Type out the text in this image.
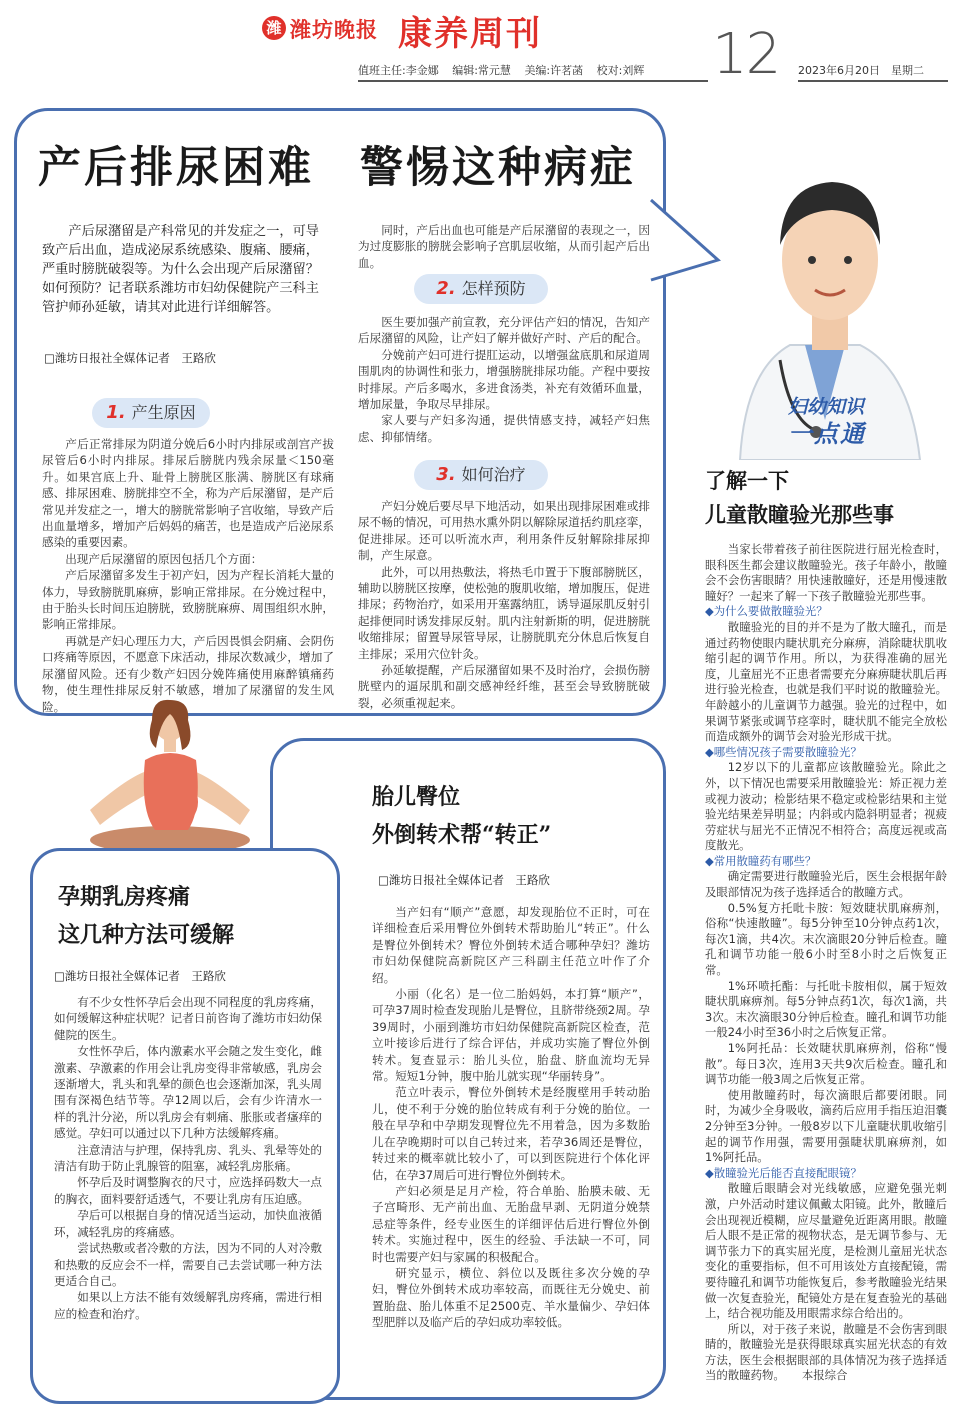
潍 潍坊晚报 康养周刊
值班主任:李金娜 编辑:常元慧 美编:许茗菡 校对:刘辉 12 2023年6月20日　星期二
产后排尿困难　警惕这种病症

产后尿潴留是产科常见的并发症之一，可导致产后出血，造成泌尿系统感染、腹痛、腰痛，严重时膀胱破裂等。为什么会出现产后尿潴留？如何预防？记者联系潍坊市妇幼保健院产三科主管护师孙延敏，请其对此进行详细解答。

□潍坊日报社全媒体记者　王路欣
1. 产生原因

产后正常排尿为阴道分娩后6小时内排尿或剖宫产拔尿管后6小时内排尿。排尿后膀胱内残余尿量＜150毫升。如果宫底上升、耻骨上膀胱区胀满、膀胱区有球痛感、排尿困难、膀胱排空不全，称为产后尿潴留，是产后常见并发症之一，增大的膀胱常影响子宫收缩，导致产后出血量增多，增加产后妈妈的痛苦，也是造成产后泌尿系感染的重要因素。

出现产后尿潴留的原因包括几个方面：

产后尿潴留多发生于初产妇，因为产程长消耗大量的体力，导致膀胱肌麻痹，影响正常排尿。在分娩过程中，由于胎头长时间压迫膀胱，致膀胱麻痹、周围组织水肿，影响正常排尿。

再就是产妇心理压力大，产后因畏惧会阴痛、会阴伤口疼痛等原因，不愿意下床活动，排尿次数减少，增加了尿潴留风险。还有少数产妇因分娩阵痛使用麻醉镇痛药物，使生理性排尿反射不敏感，增加了尿潴留的发生风险。

同时，产后出血也可能是产后尿潴留的表现之一，因为过度膨胀的膀胱会影响子宫肌层收缩，从而引起产后出血。

2. 怎样预防

医生要加强产前宣教，充分评估产妇的情况，告知产后尿潴留的风险，让产妇了解并做好产时、产后的配合。

分娩前产妇可进行提肛运动，以增强盆底肌和尿道周围肌肉的协调性和张力，增强膀胱排尿功能。产程中要按时排尿。产后多喝水，多进食汤类，补充有效循环血量，增加尿量，争取尽早排尿。

家人要与产妇多沟通，提供情感支持，减轻产妇焦虑、抑郁情绪。

3. 如何治疗

产妇分娩后要尽早下地活动，如果出现排尿困难或排尿不畅的情况，可用热水熏外阴以解除尿道括约肌痉挛，促进排尿。还可以听流水声，利用条件反射解除排尿抑制，产生尿意。

此外，可以用热敷法，将热毛巾置于下腹部膀胱区，辅助以膀胱区按摩，使松弛的腹肌收缩，增加腹压，促进排尿；药物治疗，如采用开塞露纳肛，诱导逼尿肌反射引起排便同时诱发排尿反射。肌内注射新斯的明，促进膀胱收缩排尿；留置导尿管导尿，让膀胱肌充分休息后恢复自主排尿；采用穴位针灸。

孙延敏提醒，产后尿潴留如果不及时治疗，会损伤膀胱壁内的逼尿肌和副交感神经纤维，甚至会导致膀胱破裂，必须重视起来。

妇幼知识
一点通
了解一下
儿童散瞳验光那些事

当家长带着孩子前往医院进行屈光检查时，眼科医生都会建议散瞳验光。孩子年龄小，散瞳会不会伤害眼睛？用快速散瞳好，还是用慢速散瞳好？一起来了解一下孩子散瞳验光那些事。

◆为什么要做散瞳验光？

散瞳验光的目的并不是为了散大瞳孔，而是通过药物使眼内睫状肌充分麻痹，消除睫状肌收缩引起的调节作用。所以，为获得准确的屈光度，儿童屈光不正患者需要充分麻痹睫状肌后再进行验光检查，也就是我们平时说的散瞳验光。年龄越小的儿童调节力越强。验光的过程中，如果调节紧张或调节痉挛时，睫状肌不能完全放松而造成额外的调节会对验光形成干扰。

◆哪些情况孩子需要散瞳验光？

12岁以下的儿童都应该散瞳验光。除此之外，以下情况也需要采用散瞳验光：矫正视力差或视力波动；检影结果不稳定或检影结果和主觉验光结果差异明显；内斜或内隐斜明显者；视疲劳症状与屈光不正情况不相符合；高度远视或高度散光。

◆常用散瞳药有哪些？

确定需要进行散瞳验光后，医生会根据年龄及眼部情况为孩子选择适合的散瞳方式。

0.5%复方托吡卡胺：短效睫状肌麻痹剂，俗称“快速散瞳”。每5分钟至10分钟点药1次，每次1滴，共4次。末次滴眼20分钟后检查。瞳孔和调节功能一般6小时至8小时之后恢复正常。

1%环喷托酯：与托吡卡胺相似，属于短效睫状肌麻痹剂。每5分钟点药1次，每次1滴，共3次。末次滴眼30分钟后检查。瞳孔和调节功能一般24小时至36小时之后恢复正常。

1%阿托品：长效睫状肌麻痹剂，俗称“慢散”。每日3次，连用3天共9次后检查。瞳孔和调节功能一般3周之后恢复正常。

使用散瞳药时，每次滴眼后都要闭眼。同时，为减少全身吸收，滴药后应用手指压迫泪囊2分钟至3分钟。一般8岁以下儿童睫状肌收缩引起的调节作用强，需要用强睫状肌麻痹剂，如1%阿托品。

◆散瞳验光后能否直接配眼镜？

散瞳后眼睛会对光线敏感，应避免强光刺激，户外活动时建议佩戴太阳镜。此外，散瞳后会出现视近模糊，应尽量避免近距离用眼。散瞳后人眼不是正常的视物状态，是无调节参与、无调节张力下的真实屈光度，是检测儿童屈光状态变化的重要指标，但不可用该处方直接配镜，需要待瞳孔和调节功能恢复后，参考散瞳验光结果做一次复查验光，配镜处方是在复查验光的基础上，结合视功能及用眼需求综合给出的。

所以，对于孩子来说，散瞳是不会伤害到眼睛的，散瞳验光是获得眼球真实屈光状态的有效方法，医生会根据眼部的具体情况为孩子选择适当的散瞳药物。　　本报综合

胎儿臀位
外倒转术帮“转正”
□潍坊日报社全媒体记者　王路欣

当产妇有“顺产”意愿，却发现胎位不正时，可在详细检查后采用臀位外倒转术帮助胎儿“转正”。什么是臀位外倒转术？臀位外倒转术适合哪种孕妇？潍坊市妇幼保健院高新院区产三科副主任范立叶作了介绍。

小丽（化名）是一位二胎妈妈，本打算“顺产”，可孕37周时检查发现胎儿是臀位，且脐带绕颈2周。孕39周时，小丽到潍坊市妇幼保健院高新院区检查，范立叶接诊后进行了综合评估，并成功实施了臀位外倒转术。复查显示：胎儿头位，胎盘、脐血流均无异常。短短1分钟，腹中胎儿就实现“华丽转身”。

范立叶表示，臀位外倒转术是经腹壁用手转动胎儿，使不利于分娩的胎位转成有利于分娩的胎位。一般在早孕和中孕期发现臀位先不用着急，因为多数胎儿在孕晚期时可以自己转过来，若孕36周还是臀位，转过来的概率就比较小了，可以到医院进行个体化评估，在孕37周后可进行臀位外倒转术。

产妇必须是足月产检，符合单胎、胎膜未破、无子宫畸形、无产前出血、无胎盘早剥、无阴道分娩禁忌症等条件，经专业医生的详细评估后进行臀位外倒转术。实施过程中，医生的经验、手法缺一不可，同时也需要产妇与家属的积极配合。

研究显示，横位、斜位以及既往多次分娩的孕妇，臀位外倒转术成功率较高，而既往无分娩史、前置胎盘、胎儿体重不足2500克、羊水量偏少、孕妇体型肥胖以及临产后的孕妇成功率较低。

孕期乳房疼痛
这几种方法可缓解
□潍坊日报社全媒体记者　王路欣

有不少女性怀孕后会出现不同程度的乳房疼痛，如何缓解这种症状呢？记者日前咨询了潍坊市妇幼保健院的医生。

女性怀孕后，体内激素水平会随之发生变化，雌激素、孕激素的作用会让乳房变得非常敏感，乳房会逐渐增大，乳头和乳晕的颜色也会逐渐加深，乳头周围有深褐色结节等。孕12周以后，会有少许清水一样的乳汁分泌，所以乳房会有刺痛、胀胀或者瘙痒的感觉。孕妇可以通过以下几种方法缓解疼痛。

注意清洁与护理，保持乳房、乳头、乳晕等处的清洁有助于防止乳腺管的阻塞，减轻乳房胀痛。

怀孕后及时调整胸衣的尺寸，应选择码数大一点的胸衣，面料要舒适透气，不要让乳房有压迫感。

孕后可以根据自身的情况适当运动，加快血液循环，减轻乳房的疼痛感。

尝试热敷或者冷敷的方法，因为不同的人对冷敷和热敷的反应会不一样，需要自己去尝试哪一种方法更适合自己。

如果以上方法不能有效缓解乳房疼痛，需进行相应的检查和治疗。
